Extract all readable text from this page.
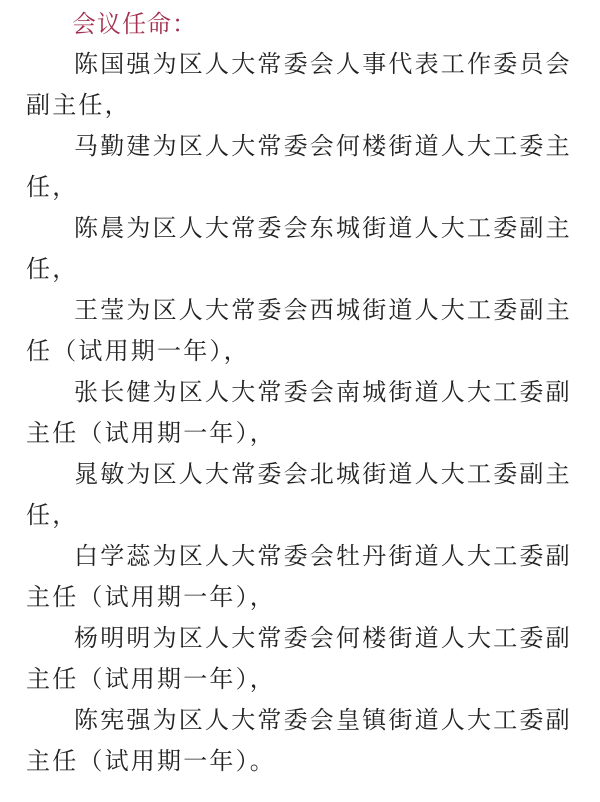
会议任命：
陈国强为区人大常委会人事代表工作委员会副主任，
马勤建为区人大常委会何楼街道人大工委主任，
陈晨为区人大常委会东城街道人大工委副主任，
王莹为区人大常委会西城街道人大工委副主任（试用期一年），
张长健为区人大常委会南城街道人大工委副主任（试用期一年），
晁敏为区人大常委会北城街道人大工委副主任，
白学蕊为区人大常委会牡丹街道人大工委副主任（试用期一年），
杨明明为区人大常委会何楼街道人大工委副主任（试用期一年），
陈宪强为区人大常委会皇镇街道人大工委副主任（试用期一年）。
